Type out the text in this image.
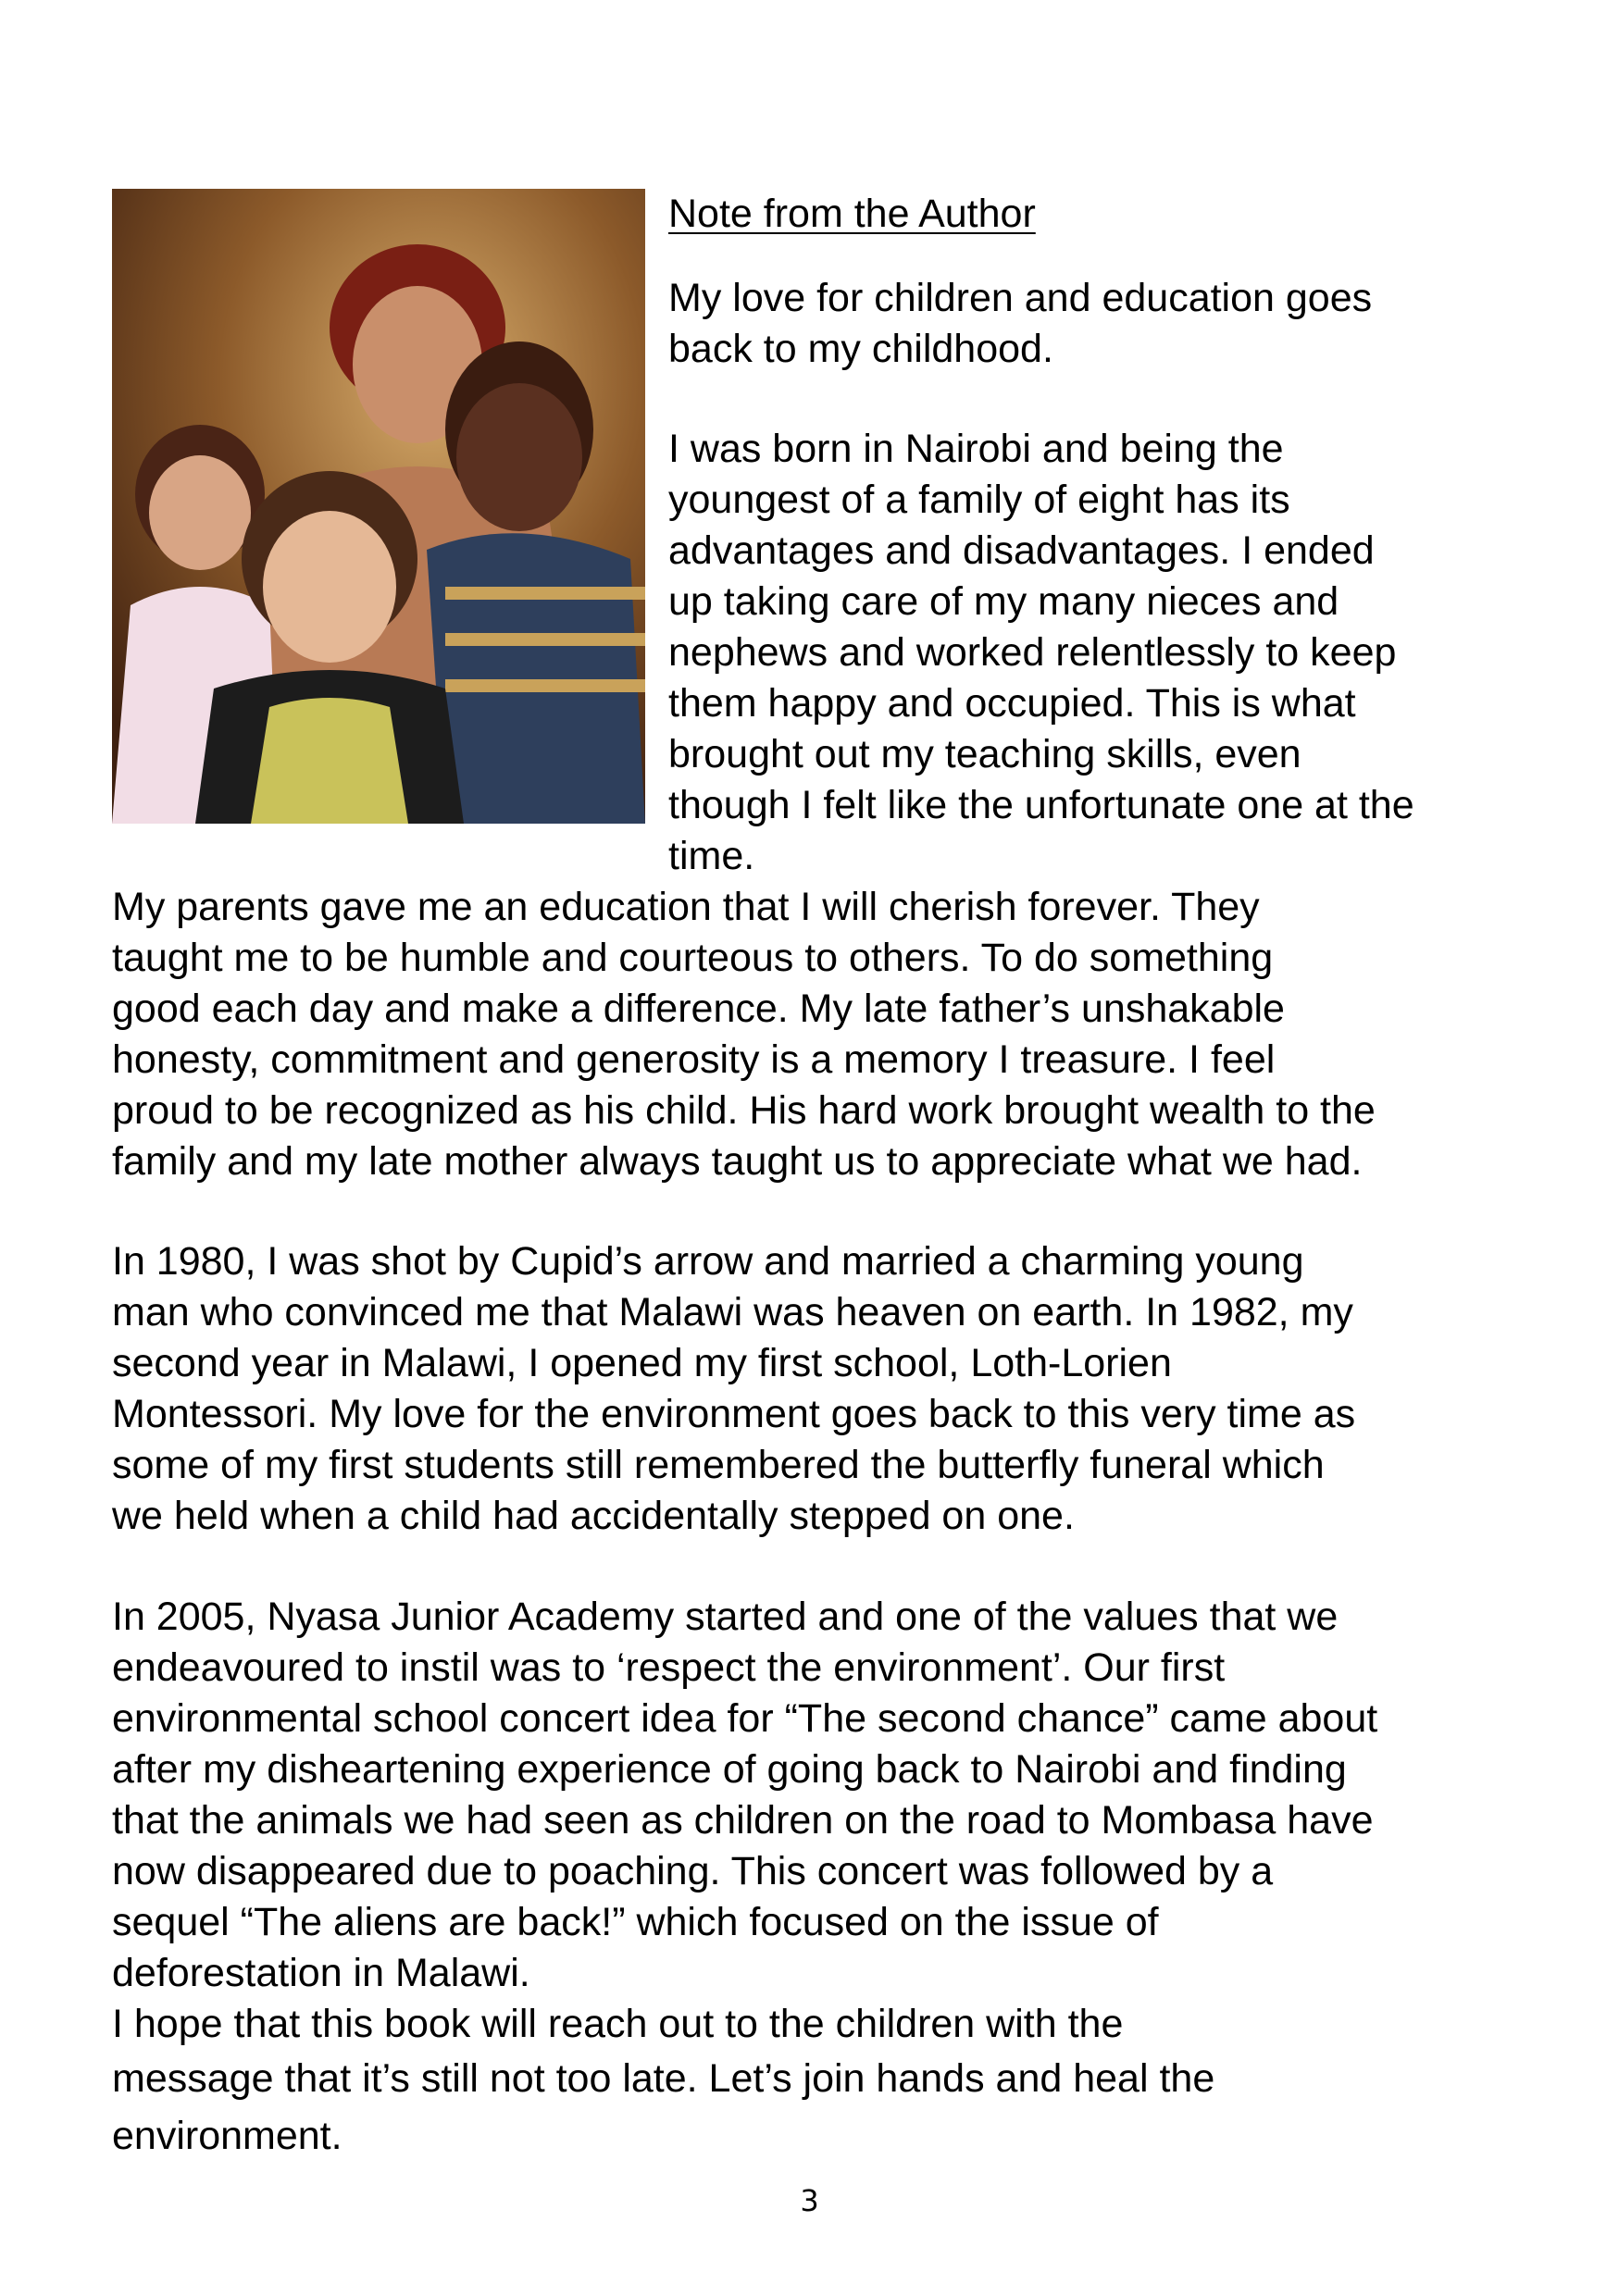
Note from the Author

My love for children and education goes
back to my childhood.
I was born in Nairobi and being the
youngest of a family of eight has its
advantages and disadvantages. I ended
up taking care of my many nieces and
nephews and worked relentlessly to keep
them happy and occupied. This is what
brought out my teaching skills, even
though I felt like the unfortunate one at the
time.
My parents gave me an education that I will cherish forever. They
taught me to be humble and courteous to others. To do something
good each day and make a difference. My late father’s unshakable
honesty, commitment and generosity is a memory I treasure. I feel
proud to be recognized as his child. His hard work brought wealth to the
family and my late mother always taught us to appreciate what we had.
In 1980, I was shot by Cupid’s arrow and married a charming young
man who convinced me that Malawi was heaven on earth. In 1982, my
second year in Malawi, I opened my first school, Loth-Lorien
Montessori. My love for the environment goes back to this very time as
some of my first students still remembered the butterfly funeral which
we held when a child had accidentally stepped on one.
In 2005, Nyasa Junior Academy started and one of the values that we
endeavoured to instil was to ‘respect the environment’. Our first
environmental school concert idea for “The second chance” came about
after my disheartening experience of going back to Nairobi and finding
that the animals we had seen as children on the road to Mombasa have
now disappeared due to poaching. This concert was followed by a
sequel “The aliens are back!” which focused on the issue of
deforestation in Malawi.
I hope that this book will reach out to the children with the
message that it’s still not too late. Let’s join hands and heal the
environment.
3
